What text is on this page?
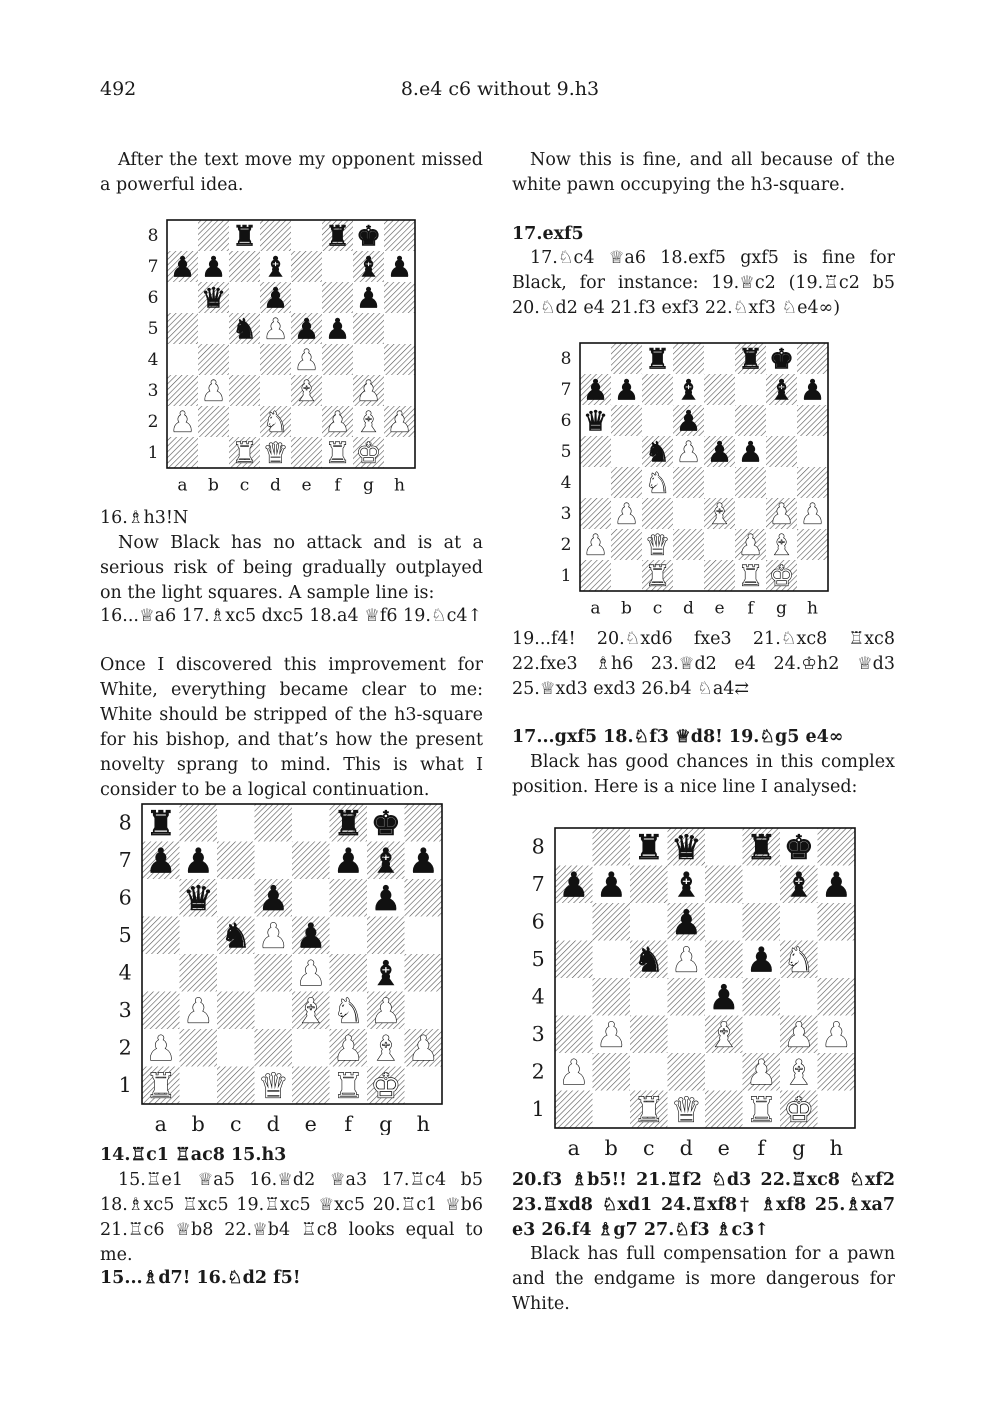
492	8.e4 c6 without 9.h3

After the text move my opponent missed a powerful idea.

♜ ♜ ♚
♟ ♟ ♝ ♝ ♟
♛ ♟ ♟
♞ ♟ ♟ ♟
♟
♟ ♝ ♟
♟ ♞ ♟ ♝ ♟
♜ ♛ ♜ ♚
8
7
6
5
4
3
2
1
a b c d e f g h
16.♗h3!N

Now Black has no attack and is at a serious risk of being gradually outplayed on the light squares. A sample line is:

16...♕a6 17.♗xc5 dxc5 18.a4 ♕f6 19.♘c4↑

Once I discovered this improvement for White, everything became clear to me: White should be stripped of the h3-square for his bishop, and that’s how the present novelty sprang to mind. This is what I consider to be a logical continuation.

♜	♜ ♚
♟ ♟	♟ ♝ ♟
♛ ♟ ♟
♞ ♟ ♟
♟ ♝
♟ ♝ ♞ ♟
♟	♟ ♝ ♟
♜ ♛ ♜ ♚
8
7
6
5
4
3
2
1
a b c d e f g h
14.♖c1 ♖ac8 15.h3

15.♖e1 ♕a5 16.♕d2 ♕a3 17.♖c4 b5 18.♗xc5 ♖xc5 19.♖xc5 ♕xc5 20.♖c1 ♕b6 21.♖c6 ♕b8 22.♕b4 ♖c8 looks equal to me.

15...♗d7! 16.♘d2 f5!

Now this is fine, and all because of the white pawn occupying the h3-square.

17.exf5

17.♘c4 ♕a6 18.exf5 gxf5 is fine for Black, for instance: 19.♕c2 (19.♖c2 b5 20.♘d2 e4 21.f3 exf3 22.♘xf3 ♘e4∞)

♜ ♜ ♚
♟ ♟ ♝ ♝ ♟
♛ ♟
♞ ♟ ♟ ♟
♞
♟ ♝ ♟ ♟
♟ ♛ ♟ ♝
♜ ♜ ♚
8
7
6
5
4
3
2
1
a b c d e f g h

19...f4! 20.♘xd6 fxe3 21.♘xc8 ♖xc8 22.fxe3 ♗h6 23.♕d2 e4 24.♔h2 ♕d3 25.♕xd3 exd3 26.b4 ♘a4⇄

17...gxf5 18.♘f3 ♕d8! 19.♘g5 e4∞

Black has good chances in this complex position. Here is a nice line I analysed:

♜ ♛ ♜ ♚
♟ ♟ ♝ ♝ ♟
♟
♞ ♟ ♟ ♞
♟
♟ ♝ ♟ ♟
♟	♟ ♝
♜ ♛ ♜ ♚
8
7
6
5
4
3
2
1
a b c d e f g h

20.f3 ♗b5!! 21.♖f2 ♘d3 22.♖xc8 ♘xf2 23.♖xd8 ♘xd1 24.♖xf8† ♗xf8 25.♗xa7 e3 26.f4 ♗g7 27.♘f3 ♗c3↑

Black has full compensation for a pawn and the endgame is more dangerous for White.
